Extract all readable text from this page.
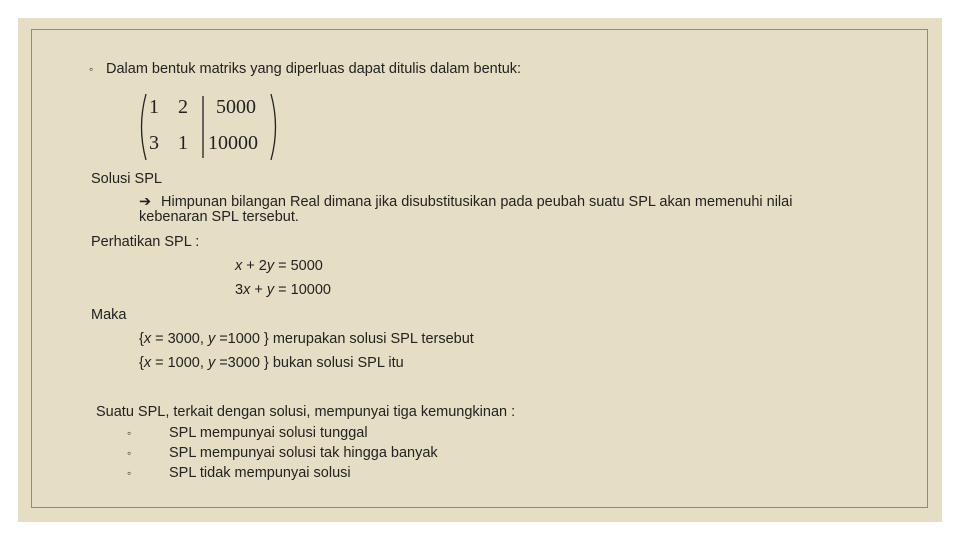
◦ Dalam bentuk matriks yang diperluas dapat ditulis dalam bentuk:
1 2 5000
3 1 10000
Solusi SPL
➔ Himpunan bilangan Real dimana jika disubstitusikan pada peubah suatu SPL akan memenuhi nilai
kebenaran SPL tersebut.
Perhatikan SPL :
x + 2y = 5000
3x + y = 10000
Maka
{x = 3000, y =1000 } merupakan solusi SPL tersebut
{x = 1000, y =3000 } bukan solusi SPL itu
Suatu SPL, terkait dengan solusi, mempunyai tiga kemungkinan :
◦	SPL mempunyai solusi tunggal
◦	SPL mempunyai solusi tak hingga banyak
◦	SPL tidak mempunyai solusi
